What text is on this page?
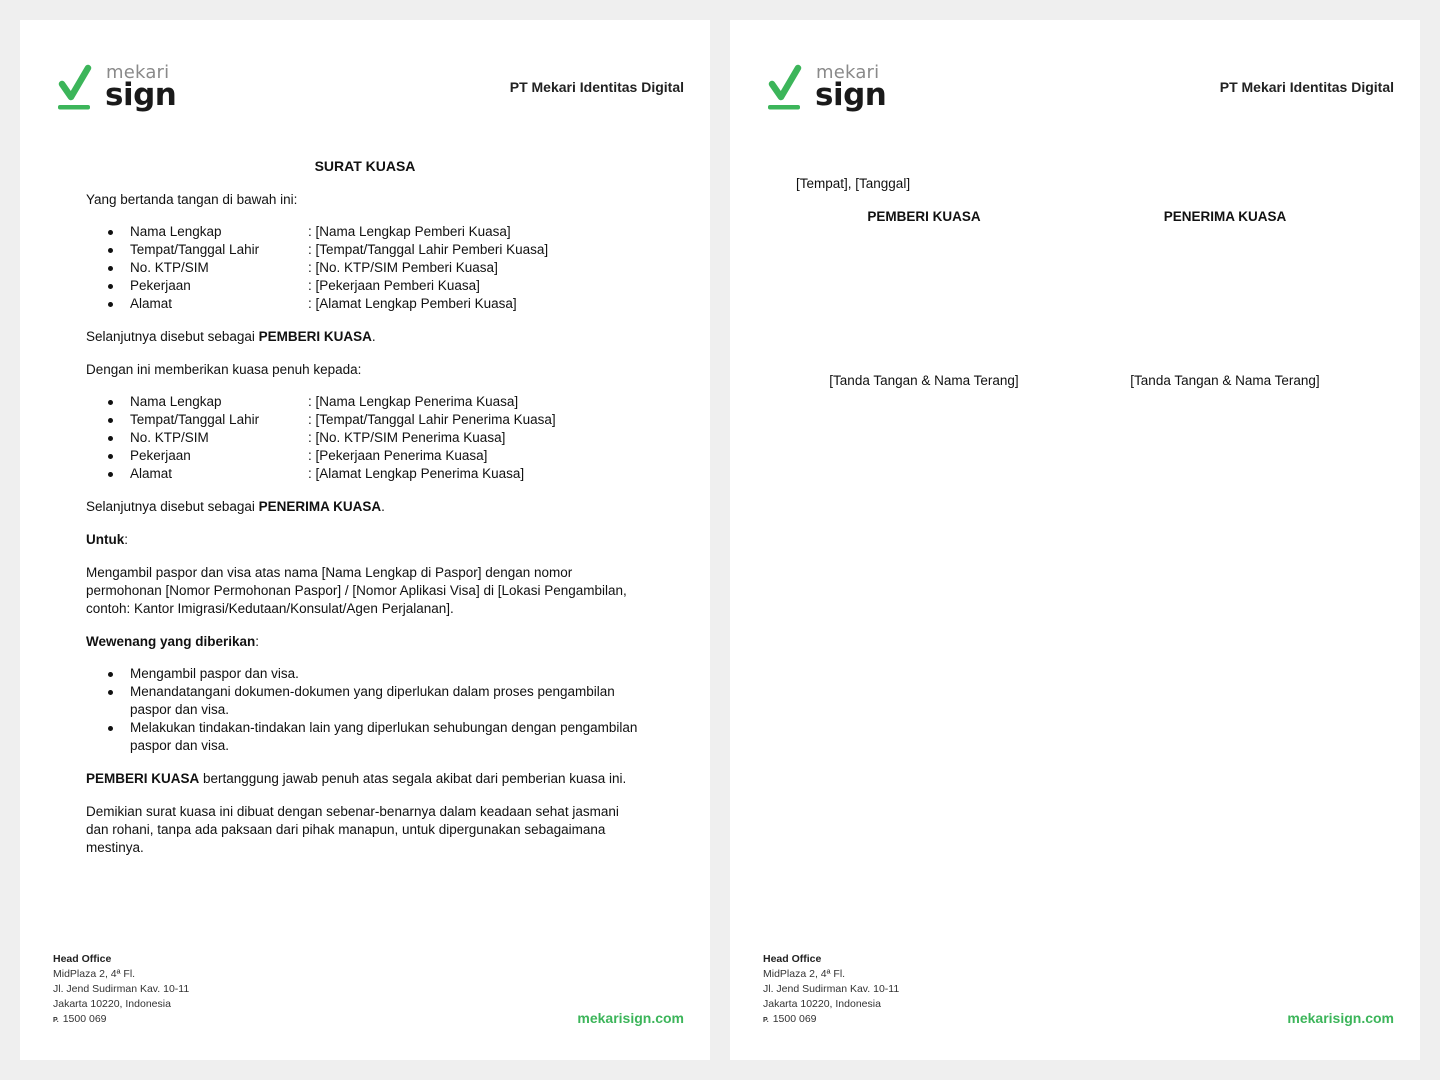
mekari
sign	PT Mekari Identitas Digital
SURAT KUASA
Yang bertanda tangan di bawah ini:
Nama Lengkap	: [Nama Lengkap Pemberi Kuasa]
Tempat/Tanggal Lahir	: [Tempat/Tanggal Lahir Pemberi Kuasa]
No. KTP/SIM	: [No. KTP/SIM Pemberi Kuasa]
Pekerjaan	: [Pekerjaan Pemberi Kuasa]
Alamat	: [Alamat Lengkap Pemberi Kuasa]
Selanjutnya disebut sebagai PEMBERI KUASA.
Dengan ini memberikan kuasa penuh kepada:
Nama Lengkap	: [Nama Lengkap Penerima Kuasa]
Tempat/Tanggal Lahir	: [Tempat/Tanggal Lahir Penerima Kuasa]
No. KTP/SIM	: [No. KTP/SIM Penerima Kuasa]
Pekerjaan	: [Pekerjaan Penerima Kuasa]
Alamat	: [Alamat Lengkap Penerima Kuasa]
Selanjutnya disebut sebagai PENERIMA KUASA.
Untuk:
Mengambil paspor dan visa atas nama [Nama Lengkap di Paspor] dengan nomor permohonan [Nomor Permohonan Paspor] / [Nomor Aplikasi Visa] di [Lokasi Pengambilan, contoh: Kantor Imigrasi/Kedutaan/Konsulat/Agen Perjalanan].
Wewenang yang diberikan:
Mengambil paspor dan visa.
Menandatangani dokumen-dokumen yang diperlukan dalam proses pengambilan paspor dan visa.
Melakukan tindakan-tindakan lain yang diperlukan sehubungan dengan pengambilan paspor dan visa.
PEMBERI KUASA bertanggung jawab penuh atas segala akibat dari pemberian kuasa ini.
Demikian surat kuasa ini dibuat dengan sebenar-benarnya dalam keadaan sehat jasmani dan rohani, tanpa ada paksaan dari pihak manapun, untuk dipergunakan sebagaimana mestinya.
Head Office
MidPlaza 2, 4ª Fl.
Jl. Jend Sudirman Kav. 10-11
Jakarta 10220, Indonesia
P. 1500 069	mekarisign.com
mekari
sign	PT Mekari Identitas Digital
[Tempat], [Tanggal]
PEMBERI KUASA	PENERIMA KUASA
[Tanda Tangan & Nama Terang]	[Tanda Tangan & Nama Terang]
Head Office
MidPlaza 2, 4ª Fl.
Jl. Jend Sudirman Kav. 10-11
Jakarta 10220, Indonesia
P. 1500 069	mekarisign.com
